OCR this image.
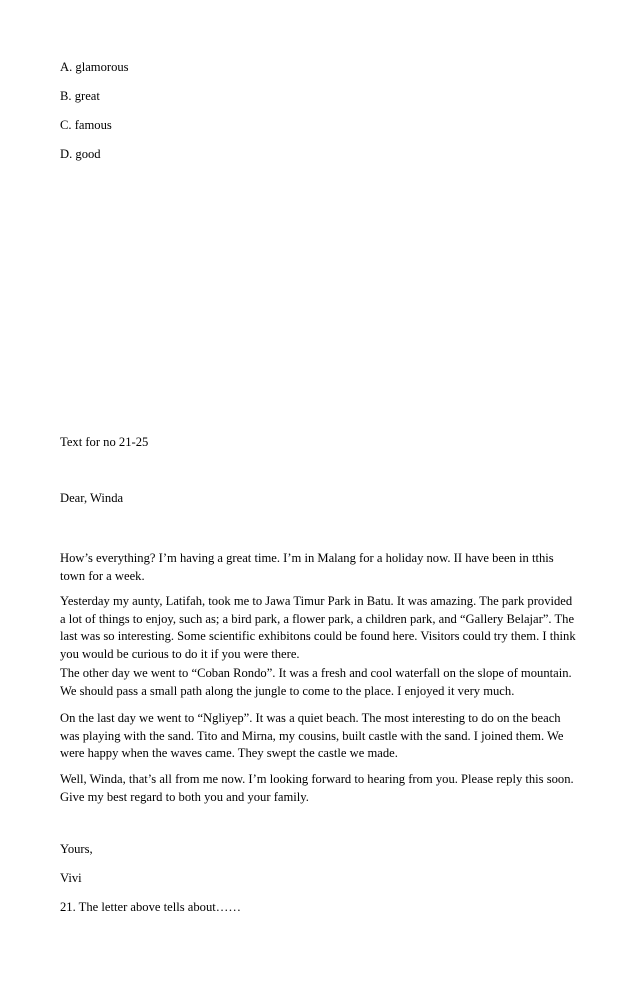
A. glamorous
B. great
C. famous
D. good
Text for no 21-25
Dear, Winda

How’s everything? I’m having a great time. I’m in Malang for a holiday now. II have been in tthis town for a week.

Yesterday my aunty, Latifah, took me to Jawa Timur Park in Batu. It was amazing. The park provided a lot of things to enjoy, such as; a bird park, a flower park, a children park, and “Gallery Belajar”. The last was so interesting. Some scientific exhibitons could be found here. Visitors could try them. I think you would be curious to do it if you were there.

The other day we went to “Coban Rondo”. It was a fresh and cool waterfall on the slope of mountain. We should pass a small path along the jungle to come to the place. I enjoyed it very much.

On the last day we went to “Ngliyep”. It was a quiet beach. The most interesting to do on the beach was playing with the sand. Tito and Mirna, my cousins, built castle with the sand. I joined them. We were happy when the waves came. They swept the castle we made.

Well, Winda, that’s all from me now. I’m looking forward to hearing from you. Please reply this soon. Give my best regard to both you and your family.

Yours,
Vivi
21. The letter above tells about……
